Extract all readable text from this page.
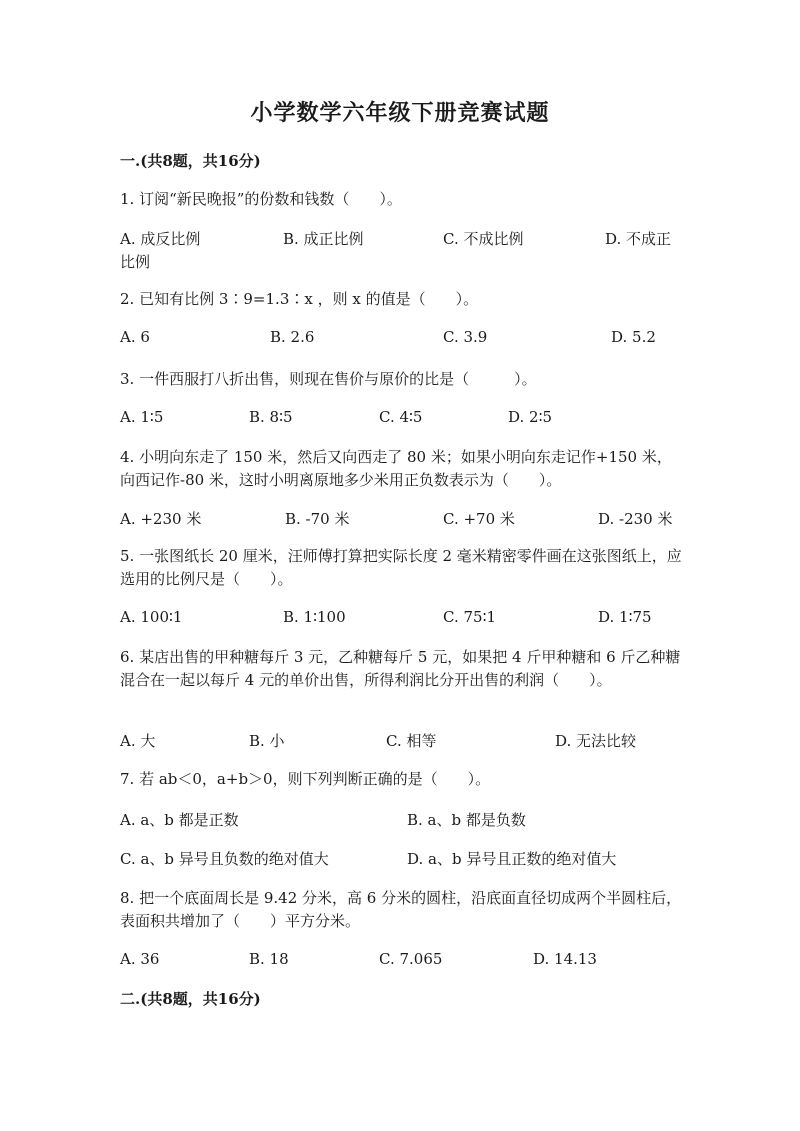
小学数学六年级下册竞赛试题
一.(共8题，共16分)
1. 订阅“新民晚报”的份数和钱数（　　）。
A. 成反比例	B. 成正比例	C. 不成比例	D. 不成正比例
2. 已知有比例 3∶9=1.3∶x ，则 x 的值是（　　）。
A. 6	B. 2.6	C. 3.9	D. 5.2
3. 一件西服打八折出售，则现在售价与原价的比是（　　　）。
A. 1∶5	B. 8∶5	C. 4∶5	D. 2∶5
4. 小明向东走了 150 米，然后又向西走了 80 米；如果小明向东走记作+150 米，向西记作-80 米，这时小明离原地多少米用正负数表示为（　　）。
A. +230 米	B. -70 米	C. +70 米	D. -230 米
5. 一张图纸长 20 厘米，汪师傅打算把实际长度 2 毫米精密零件画在这张图纸上，应选用的比例尺是（　　）。
A. 100∶1	B. 1∶100	C. 75∶1	D. 1∶75
6. 某店出售的甲种糖每斤 3 元，乙种糖每斤 5 元，如果把 4 斤甲种糖和 6 斤乙种糖混合在一起以每斤 4 元的单价出售，所得利润比分开出售的利润（　　）。
A. 大	B. 小	C. 相等	D. 无法比较
7. 若 ab＜0，a+b＞0，则下列判断正确的是（　　）。
A. a、b 都是正数	B. a、b 都是负数
C. a、b 异号且负数的绝对值大	D. a、b 异号且正数的绝对值大
8. 把一个底面周长是 9.42 分米，高 6 分米的圆柱，沿底面直径切成两个半圆柱后，表面积共增加了（　　）平方分米。
A. 36	B. 18	C. 7.065	D. 14.13
二.(共8题，共16分)
